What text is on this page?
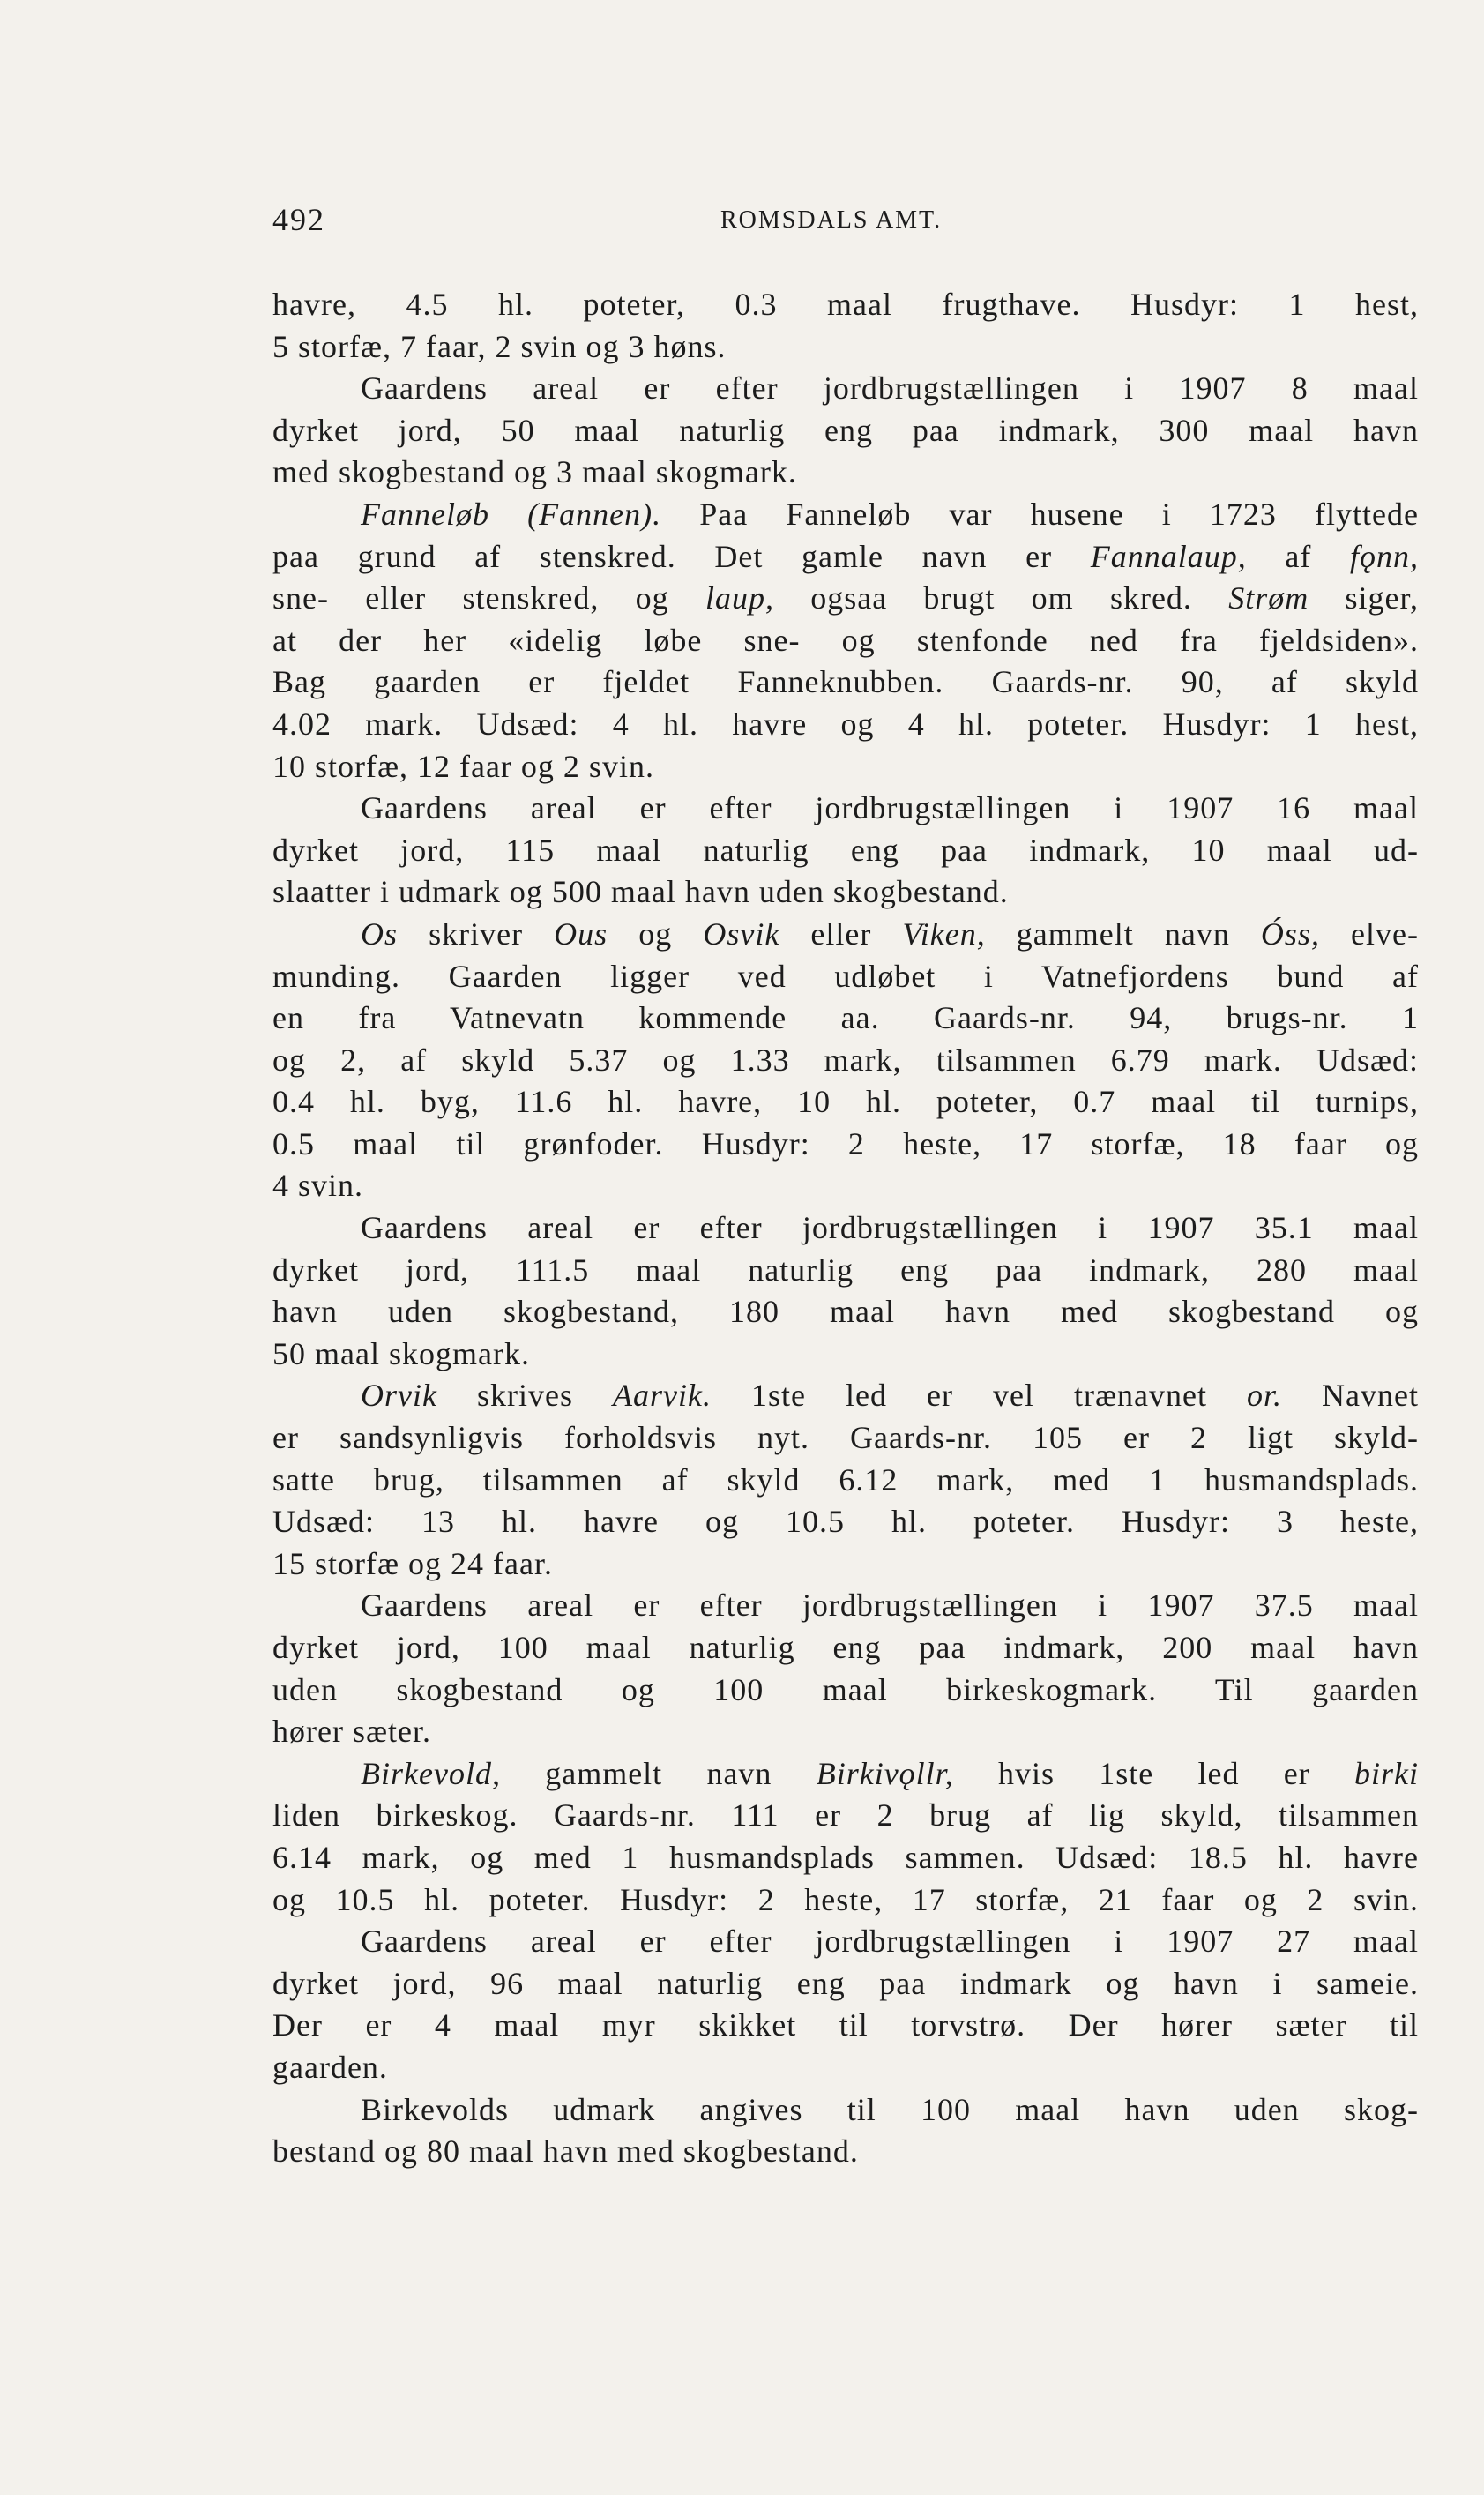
492	ROMSDALS AMT.
havre, 4.5 hl. poteter, 0.3 maal frugthave. Husdyr: 1 hest,
5 storfæ, 7 faar, 2 svin og 3 høns.
Gaardens areal er efter jordbrugstællingen i 1907 8 maal
dyrket jord, 50 maal naturlig eng paa indmark, 300 maal havn
med skogbestand og 3 maal skogmark.
Fanneløb (Fannen). Paa Fanneløb var husene i 1723 flyttede
paa grund af stenskred. Det gamle navn er Fannalaup, af fǫnn,
sne- eller stenskred, og laup, ogsaa brugt om skred. Strøm siger,
at der her «idelig løbe sne- og stenfonde ned fra fjeldsiden».
Bag gaarden er fjeldet Fanneknubben. Gaards-nr. 90, af skyld
4.02 mark. Udsæd: 4 hl. havre og 4 hl. poteter. Husdyr: 1 hest,
10 storfæ, 12 faar og 2 svin.
Gaardens areal er efter jordbrugstællingen i 1907 16 maal
dyrket jord, 115 maal naturlig eng paa indmark, 10 maal ud-
slaatter i udmark og 500 maal havn uden skogbestand.
Os skriver Ous og Osvik eller Viken, gammelt navn Óss, elve-
munding. Gaarden ligger ved udløbet i Vatnefjordens bund af
en fra Vatnevatn kommende aa. Gaards-nr. 94, brugs-nr. 1
og 2, af skyld 5.37 og 1.33 mark, tilsammen 6.79 mark. Udsæd:
0.4 hl. byg, 11.6 hl. havre, 10 hl. poteter, 0.7 maal til turnips,
0.5 maal til grønfoder. Husdyr: 2 heste, 17 storfæ, 18 faar og
4 svin.
Gaardens areal er efter jordbrugstællingen i 1907 35.1 maal
dyrket jord, 111.5 maal naturlig eng paa indmark, 280 maal
havn uden skogbestand, 180 maal havn med skogbestand og
50 maal skogmark.
Orvik skrives Aarvik. 1ste led er vel trænavnet or. Navnet
er sandsynligvis forholdsvis nyt. Gaards-nr. 105 er 2 ligt skyld-
satte brug, tilsammen af skyld 6.12 mark, med 1 husmandsplads.
Udsæd: 13 hl. havre og 10.5 hl. poteter. Husdyr: 3 heste,
15 storfæ og 24 faar.
Gaardens areal er efter jordbrugstællingen i 1907 37.5 maal
dyrket jord, 100 maal naturlig eng paa indmark, 200 maal havn
uden skogbestand og 100 maal birkeskogmark. Til gaarden
hører sæter.
Birkevold, gammelt navn Birkivǫllr, hvis 1ste led er birki
liden birkeskog. Gaards-nr. 111 er 2 brug af lig skyld, tilsammen
6.14 mark, og med 1 husmandsplads sammen. Udsæd: 18.5 hl. havre
og 10.5 hl. poteter. Husdyr: 2 heste, 17 storfæ, 21 faar og 2 svin.
Gaardens areal er efter jordbrugstællingen i 1907 27 maal
dyrket jord, 96 maal naturlig eng paa indmark og havn i sameie.
Der er 4 maal myr skikket til torvstrø. Der hører sæter til
gaarden.
Birkevolds udmark angives til 100 maal havn uden skog-
bestand og 80 maal havn med skogbestand.
